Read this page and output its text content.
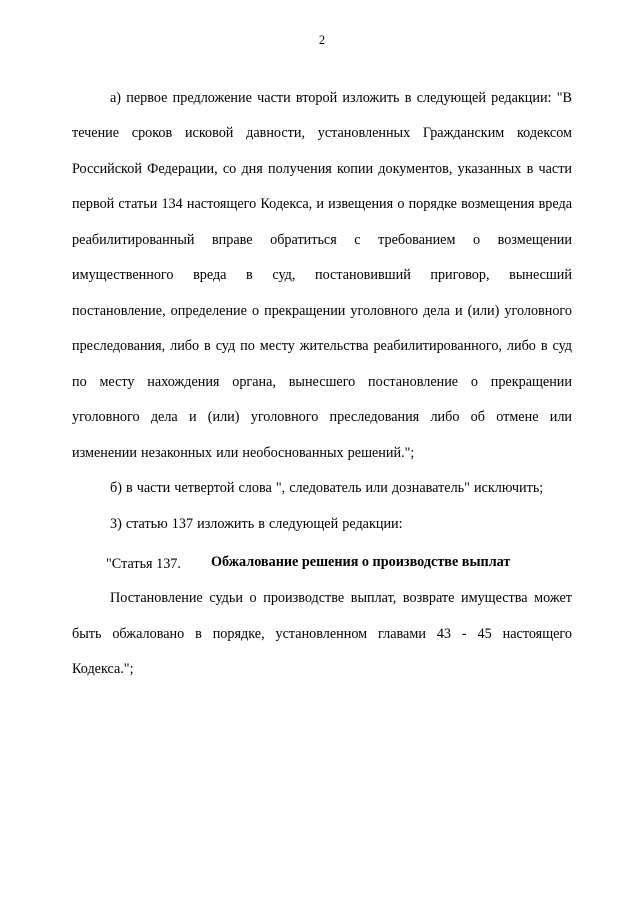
2

а) первое предложение части второй изложить в следующей редакции: "В течение сроков исковой давности, установленных Гражданским кодексом Российской Федерации, со дня получения копии документов, указанных в части первой статьи 134 настоящего Кодекса, и извещения о порядке возмещения вреда реабилитированный вправе обратиться с требованием о возмещении имущественного вреда в суд, постановивший приговор, вынесший постановление, определение о прекращении уголовного дела и (или) уголовного преследования, либо в суд по месту жительства реабилитированного, либо в суд по месту нахождения органа, вынесшего постановление о прекращении уголовного дела и (или) уголовного преследования либо об отмене или изменении незаконных или необоснованных решений.";

б) в части четвертой слова ", следователь или дознаватель" исключить;

3) статью 137 изложить в следующей редакции:

"Статья 137.	Обжалование решения о производстве выплат

Постановление судьи о производстве выплат, возврате имущества может быть обжаловано в порядке, установленном главами 43 - 45 настоящего Кодекса.";
